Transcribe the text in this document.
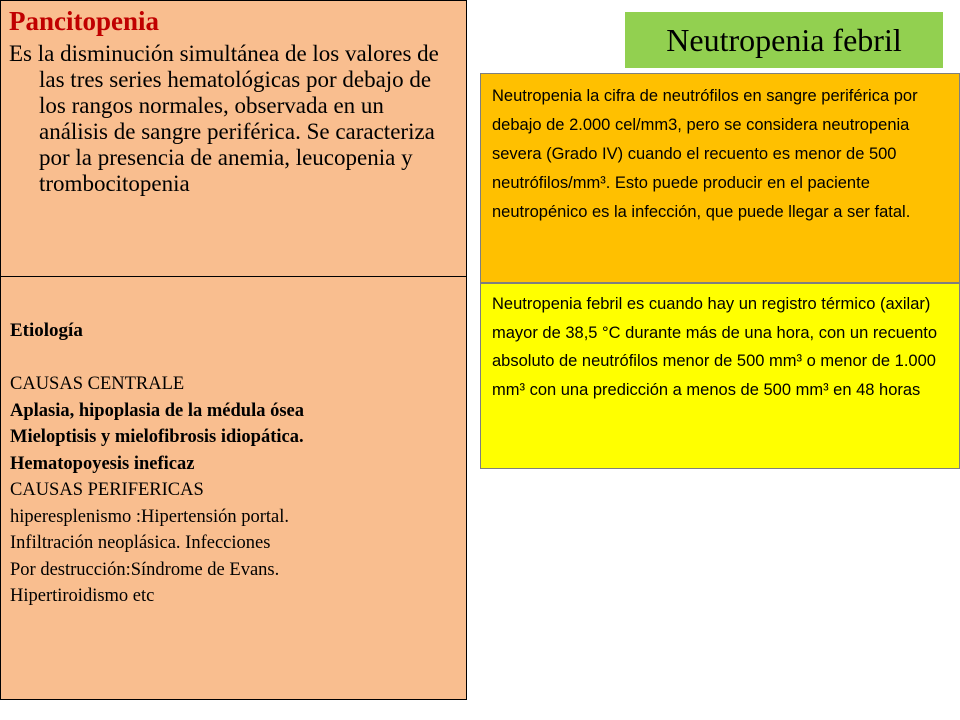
Pancitopenia

Es la disminución simultánea de los valores de las tres series hematológicas por debajo de los rangos normales, observada en un análisis de sangre periférica. Se caracteriza por la presencia de anemia, leucopenia y trombocitopenia

Etiología

CAUSAS CENTRALE

Aplasia, hipoplasia de la médula ósea

Mieloptisis y mielofibrosis idiopática.

Hematopoyesis ineficaz

CAUSAS PERIFERICAS

hiperesplenismo :Hipertensión portal.

Infiltración neoplásica. Infecciones

Por destrucción:Síndrome de Evans.

Hipertiroidismo etc

Neutropenia febril

Neutropenia la cifra de neutrófilos en sangre periférica por debajo de 2.000 cel/mm3, pero se considera neutropenia severa (Grado IV) cuando el recuento es menor de 500 neutrófilos/mm³. Esto puede producir en el paciente neutropénico es la infección, que puede llegar a ser fatal.

Neutropenia febril es cuando hay un registro térmico (axilar) mayor de 38,5 °C durante más de una hora, con un recuento absoluto de neutrófilos menor de 500 mm³ o menor de 1.000 mm³ con una predicción a menos de 500 mm³ en 48 horas
